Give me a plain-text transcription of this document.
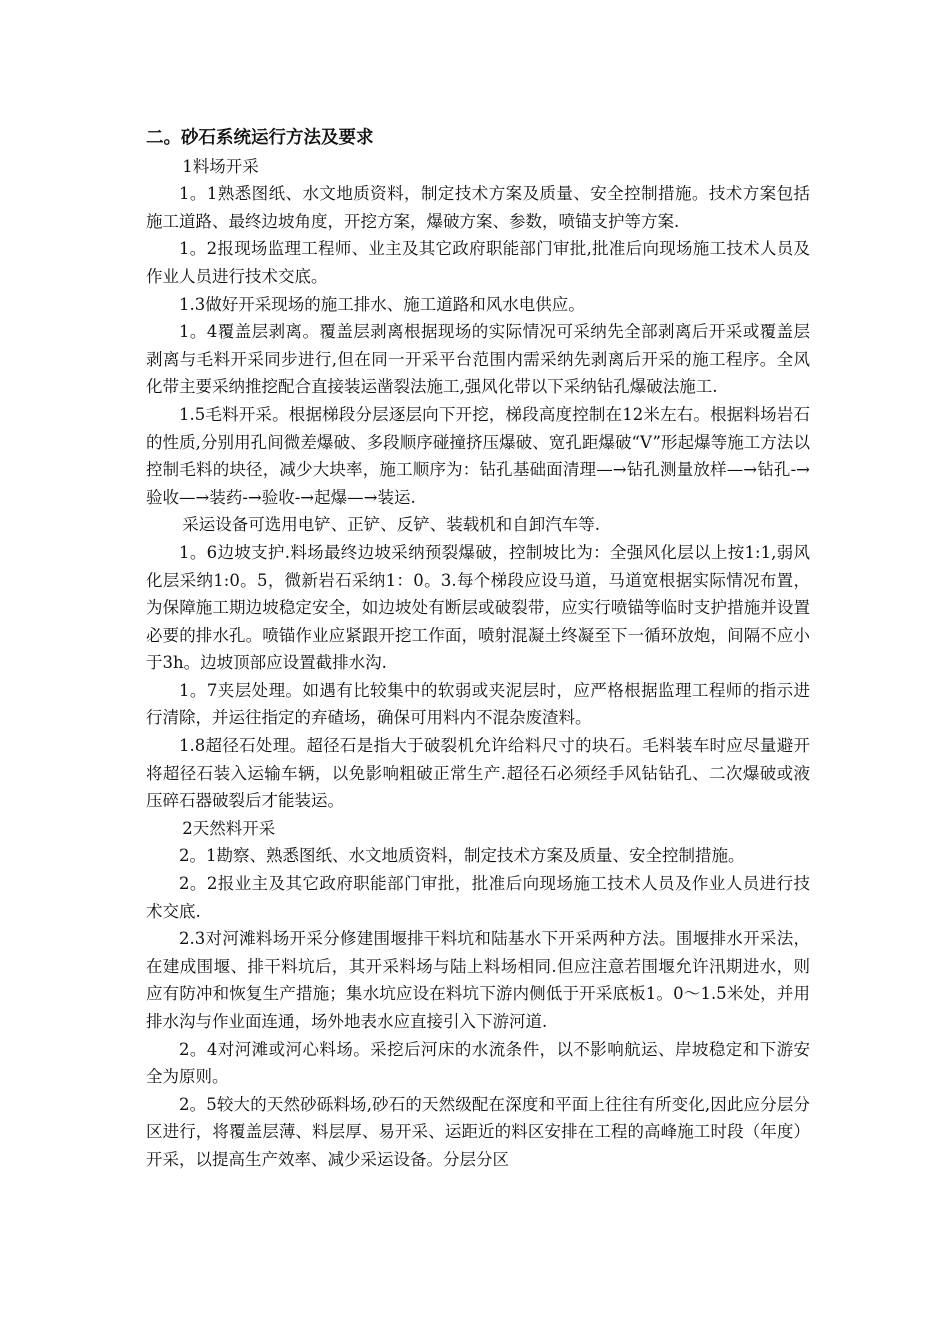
二。砂石系统运行方法及要求

1料场开采

1。1熟悉图纸、水文地质资料，制定技术方案及质量、安全控制措施。技术方案包括施工道路、最终边坡角度，开挖方案，爆破方案、参数，喷锚支护等方案.

1。2报现场监理工程师、业主及其它政府职能部门审批,批准后向现场施工技术人员及作业人员进行技术交底。

1.3做好开采现场的施工排水、施工道路和风水电供应。

1。4覆盖层剥离。覆盖层剥离根据现场的实际情况可采纳先全部剥离后开采或覆盖层剥离与毛料开采同步进行,但在同一开采平台范围内需采纳先剥离后开采的施工程序。全风化带主要采纳推挖配合直接装运凿裂法施工,强风化带以下采纳钻孔爆破法施工.

1.5毛料开采。根据梯段分层逐层向下开挖，梯段高度控制在12米左右。根据料场岩石的性质,分别用孔间微差爆破、多段顺序碰撞挤压爆破、宽孔距爆破“V”形起爆等施工方法以控制毛料的块径，减少大块率，施工顺序为：钻孔基础面清理—→钻孔测量放样—→钻孔-→验收—→装药-→验收-→起爆—→装运.

采运设备可选用电铲、正铲、反铲、装载机和自卸汽车等.

1。6边坡支护.料场最终边坡采纳预裂爆破，控制坡比为：全强风化层以上按1:1,弱风化层采纳1:0。5，微新岩石采纳1：0。3.每个梯段应设马道，马道宽根据实际情况布置，为保障施工期边坡稳定安全，如边坡处有断层或破裂带，应实行喷锚等临时支护措施并设置必要的排水孔。喷锚作业应紧跟开挖工作面，喷射混凝土终凝至下一循环放炮，间隔不应小于3h。边坡顶部应设置截排水沟.

1。7夹层处理。如遇有比较集中的软弱或夹泥层时，应严格根据监理工程师的指示进行清除，并运往指定的弃碴场，确保可用料内不混杂废渣料。

1.8超径石处理。超径石是指大于破裂机允许给料尺寸的块石。毛料装车时应尽量避开将超径石装入运输车辆，以免影响粗破正常生产.超径石必须经手风钻钻孔、二次爆破或液压碎石器破裂后才能装运。

2天然料开采

2。1勘察、熟悉图纸、水文地质资料，制定技术方案及质量、安全控制措施。

2。2报业主及其它政府职能部门审批，批准后向现场施工技术人员及作业人员进行技术交底.

2.3对河滩料场开采分修建围堰排干料坑和陆基水下开采两种方法。围堰排水开采法，在建成围堰、排干料坑后，其开采料场与陆上料场相同.但应注意若围堰允许汛期进水，则应有防冲和恢复生产措施；集水坑应设在料坑下游内侧低于开采底板1。0～1.5米处，并用排水沟与作业面连通，场外地表水应直接引入下游河道.

2。4对河滩或河心料场。采挖后河床的水流条件，以不影响航运、岸坡稳定和下游安全为原则。

2。5较大的天然砂砾料场,砂石的天然级配在深度和平面上往往有所变化,因此应分层分区进行，将覆盖层薄、料层厚、易开采、运距近的料区安排在工程的高峰施工时段（年度）开采，以提高生产效率、减少采运设备。分层分区
